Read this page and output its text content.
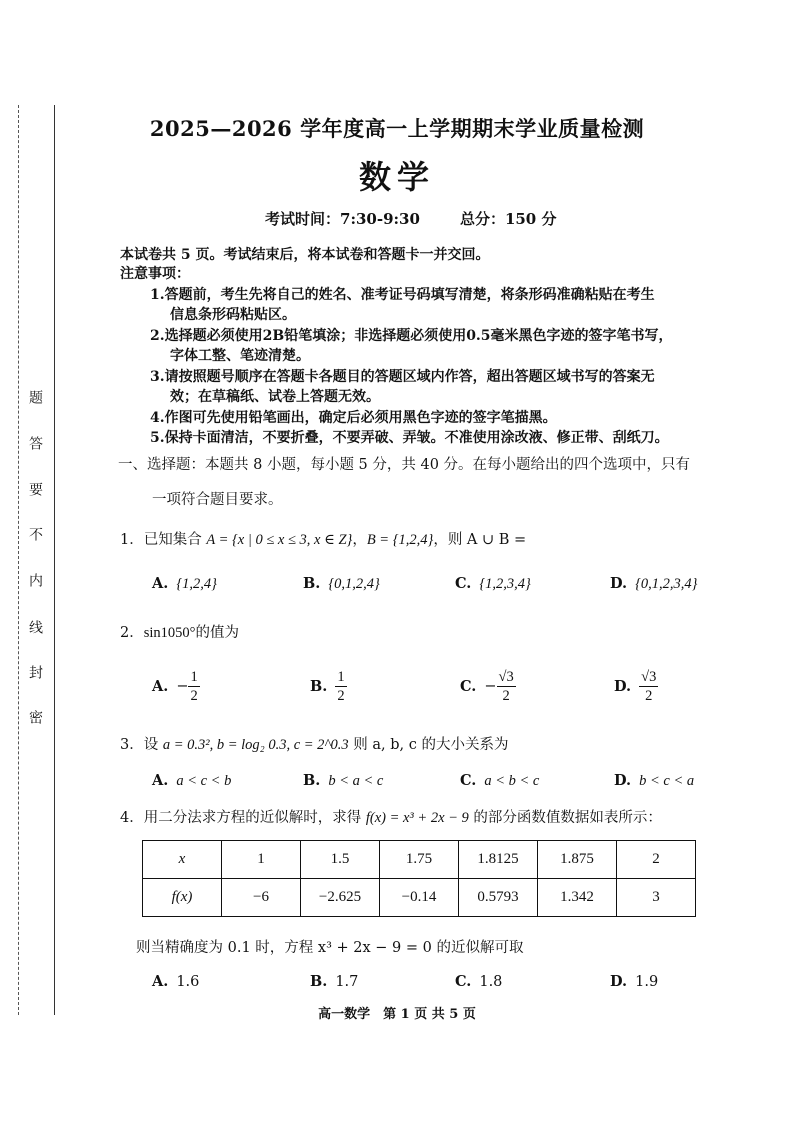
密
封
线
内
不
要
答
题
2025—2026 学年度高一上学期期末学业质量检测
数学
考试时间：7:30-9:30	总分：150 分
本试卷共 5 页。考试结束后，将本试卷和答题卡一并交回。
注意事项：
1.答题前，考生先将自己的姓名、准考证号码填写清楚，将条形码准确粘贴在考生
信息条形码粘贴区。
2.选择题必须使用2B铅笔填涂；非选择题必须使用0.5毫米黑色字迹的签字笔书写，
字体工整、笔迹清楚。
3.请按照题号顺序在答题卡各题目的答题区域内作答，超出答题区域书写的答案无
效；在草稿纸、试卷上答题无效。
4.作图可先使用铅笔画出，确定后必须用黑色字迹的签字笔描黑。
5.保持卡面清洁，不要折叠，不要弄破、弄皱。不准使用涂改液、修正带、刮纸刀。
一、选择题：本题共 8 小题，每小题 5 分，共 40 分。在每小题给出的四个选项中，只有
一项符合题目要求。
1．已知集合 A = {x | 0 ≤ x ≤ 3, x ∈ Z}，B = {1,2,4}，则 A ∪ B =
A. {1,2,4}	B. {0,1,2,4}	C. {1,2,3,4}	D. {0,1,2,3,4}
2．sin1050°的值为
A. − $\frac{1}{2}$	B. $\frac{1}{2}$	C. − $\frac{√3}{2}$	D. $\frac{√3}{2}$
3．设 a = 0.3², b = log₂ 0.3, c = 2^0.3 则 a, b, c 的大小关系为
A. a < c < b	B. b < a < c	C. a < b < c	D. b < c < a
4．用二分法求方程的近似解时，求得 f(x) = x³ + 2x − 9 的部分函数值数据如表所示：
x	1	1.5	1.75	1.8125	1.875	2
f(x)	−6	−2.625	−0.14	0.5793	1.342	3
则当精确度为 0.1 时，方程 x³ + 2x − 9 = 0 的近似解可取
A. 1.6	B. 1.7	C. 1.8	D. 1.9
高一数学　第 1 页 共 5 页
